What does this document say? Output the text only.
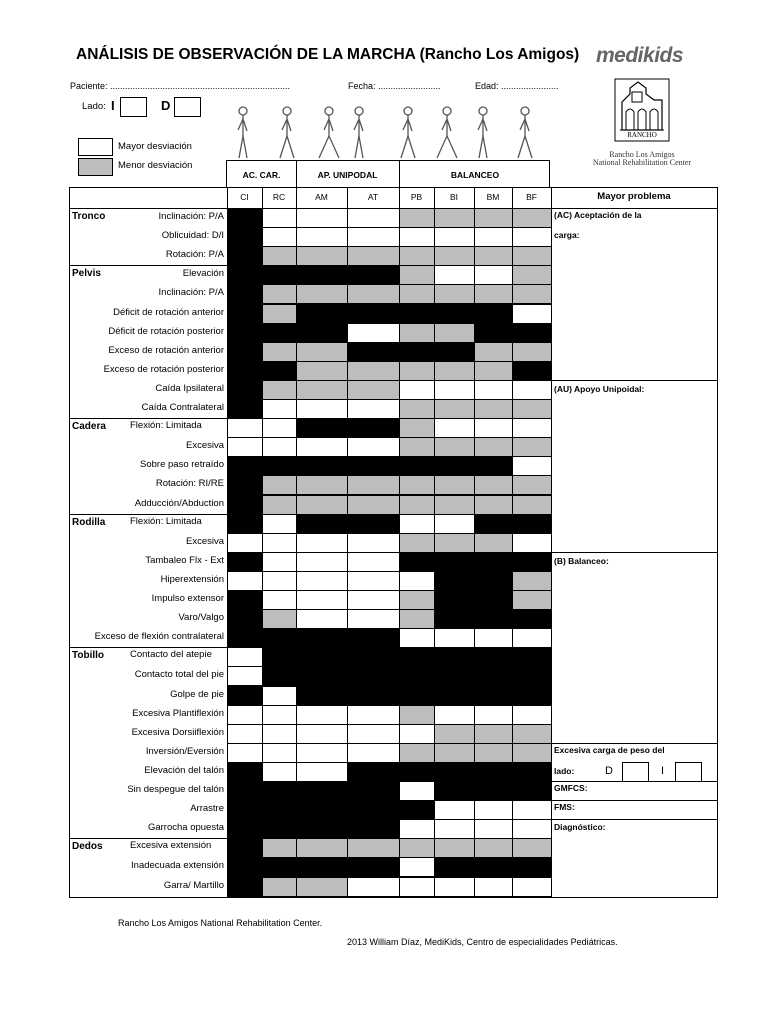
ANÁLISIS DE OBSERVACIÓN DE LA MARCHA (Rancho Los Amigos) medikids
RANCHO
Rancho Los Amigos
National Rehabilitation Center
Paciente: ........................................................................	Fecha: .........................	Edad: .......................
Lado: I	D
Mayor desviación
Menor desviación
AC. CAR.	AP. UNIPODAL	BALANCEO
CI	RC	AM	AT	PB	BI	BM	BF	Mayor problema
Tronco	Inclinación: P/A
Oblicuidad: D/I
Rotación: P/A
Pelvis	Elevación
Inclinación: P/A
Déficit de rotación anterior
Déficit de rotación posterior
Exceso de rotación anterior
Exceso de rotación posterior
Caída Ipsilateral
Caída Contralateral
Cadera	Flexión: Limitada
Excesiva
Sobre paso retraído
Rotación: RI/RE
Adducción/Abduction
Rodilla	Flexión: Limitada
Excesiva
Tambaleo Flx - Ext
Hiperextensión
Impulso extensor
Varo/Valgo
Exceso de flexión contralateral
Tobillo	Contacto del atepie
Contacto total del pie
Golpe de pie
Excesiva Plantiflexión
Excesiva Dorsiiflexión
Inversión/Eversión
Elevación del talón
Sin despegue del talón
Arrastre
Garrocha opuesta
Dedos	Excesiva extensión
Inadecuada extensión
Garra/ Martillo
(AC) Aceptación de la
carga:
(AU) Apoyo Unipoidal:
(B) Balanceo:
Excesiva carga de peso del
lado:	D	I
GMFCS:
FMS:
Diagnóstico:
Rancho Los Amigos National Rehabilitation Center.
2013 William Díaz, MediKids, Centro de especialidades Pediátricas.
